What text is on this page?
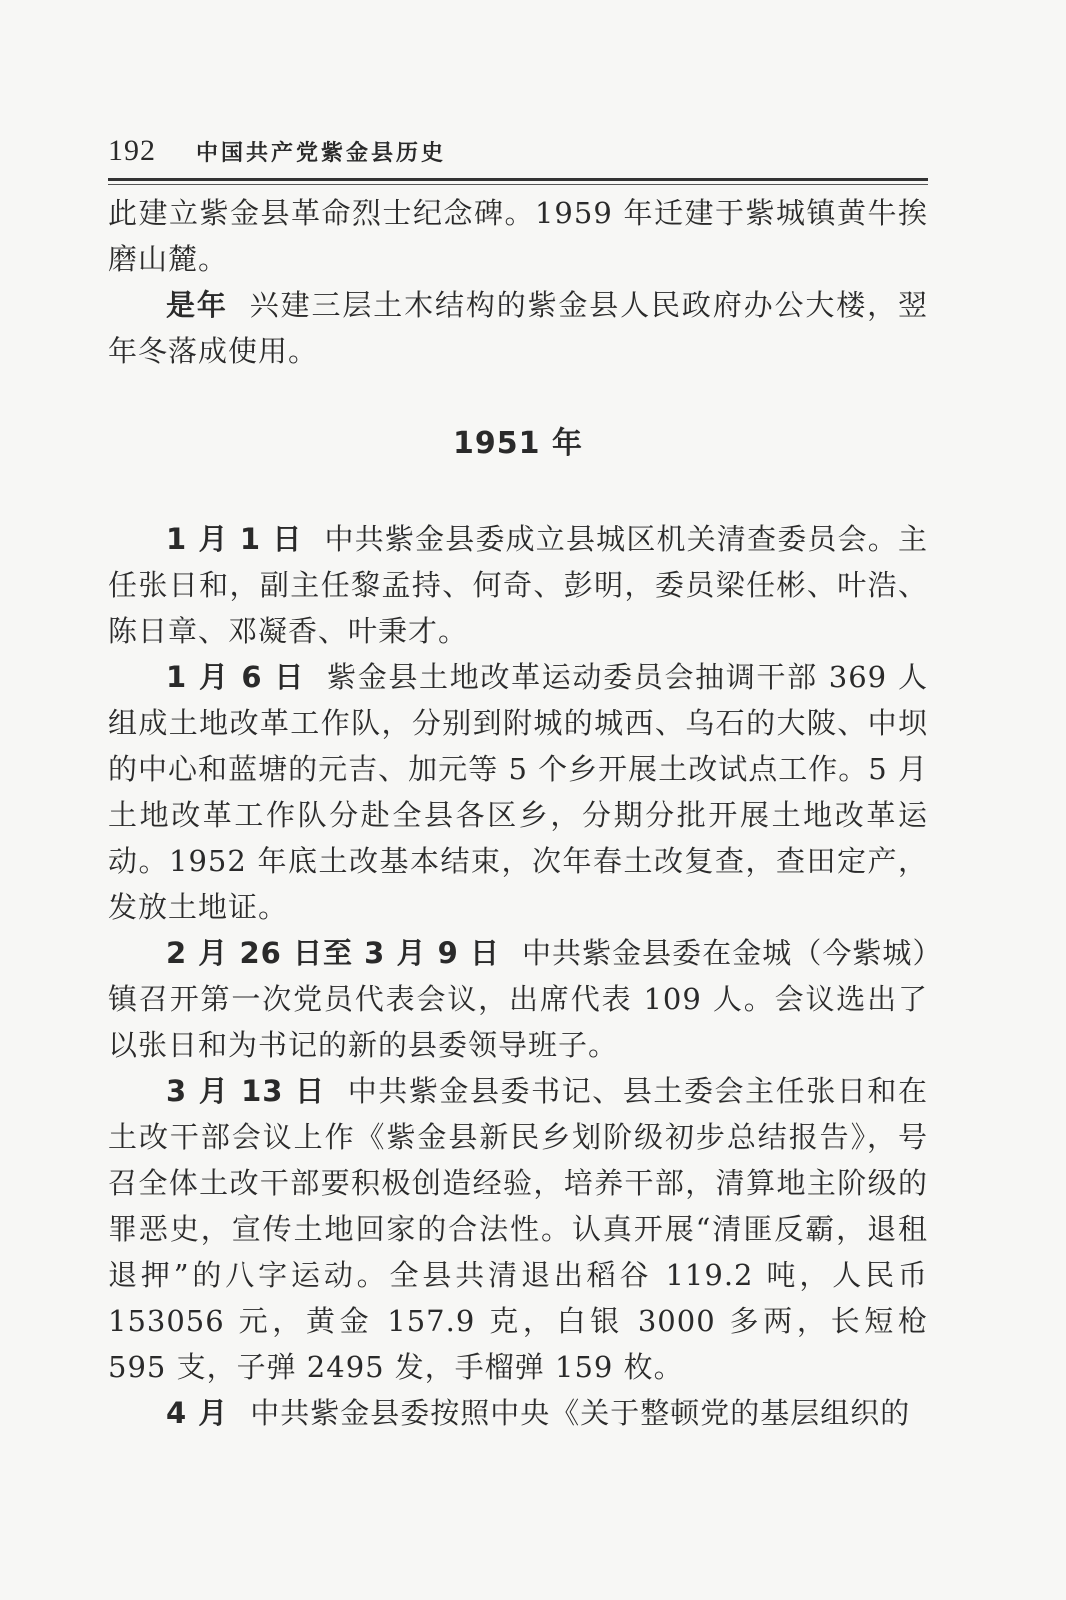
192 中国共产党紫金县历史

此建立紫金县革命烈士纪念碑。1959 年迁建于紫城镇黄牛挨磨山麓。

是年 兴建三层土木结构的紫金县人民政府办公大楼，翌年冬落成使用。

1951 年

1 月 1 日 中共紫金县委成立县城区机关清查委员会。主任张日和，副主任黎孟持、何奇、彭明，委员梁任彬、叶浩、陈日章、邓凝香、叶秉才。

1 月 6 日 紫金县土地改革运动委员会抽调干部 369 人组成土地改革工作队，分别到附城的城西、乌石的大陂、中坝的中心和蓝塘的元吉、加元等 5 个乡开展土改试点工作。5 月土地改革工作队分赴全县各区乡，分期分批开展土地改革运动。1952 年底土改基本结束，次年春土改复查，查田定产，发放土地证。

2 月 26 日至 3 月 9 日 中共紫金县委在金城（今紫城）镇召开第一次党员代表会议，出席代表 109 人。会议选出了以张日和为书记的新的县委领导班子。

3 月 13 日 中共紫金县委书记、县土委会主任张日和在土改干部会议上作《紫金县新民乡划阶级初步总结报告》，号召全体土改干部要积极创造经验，培养干部，清算地主阶级的罪恶史，宣传土地回家的合法性。认真开展“清匪反霸，退租退押”的八字运动。全县共清退出稻谷 119.2 吨，人民币 153056 元，黄金 157.9 克，白银 3000 多两，长短枪 595 支，子弹 2495 发，手榴弹 159 枚。

4 月 中共紫金县委按照中央《关于整顿党的基层组织的
